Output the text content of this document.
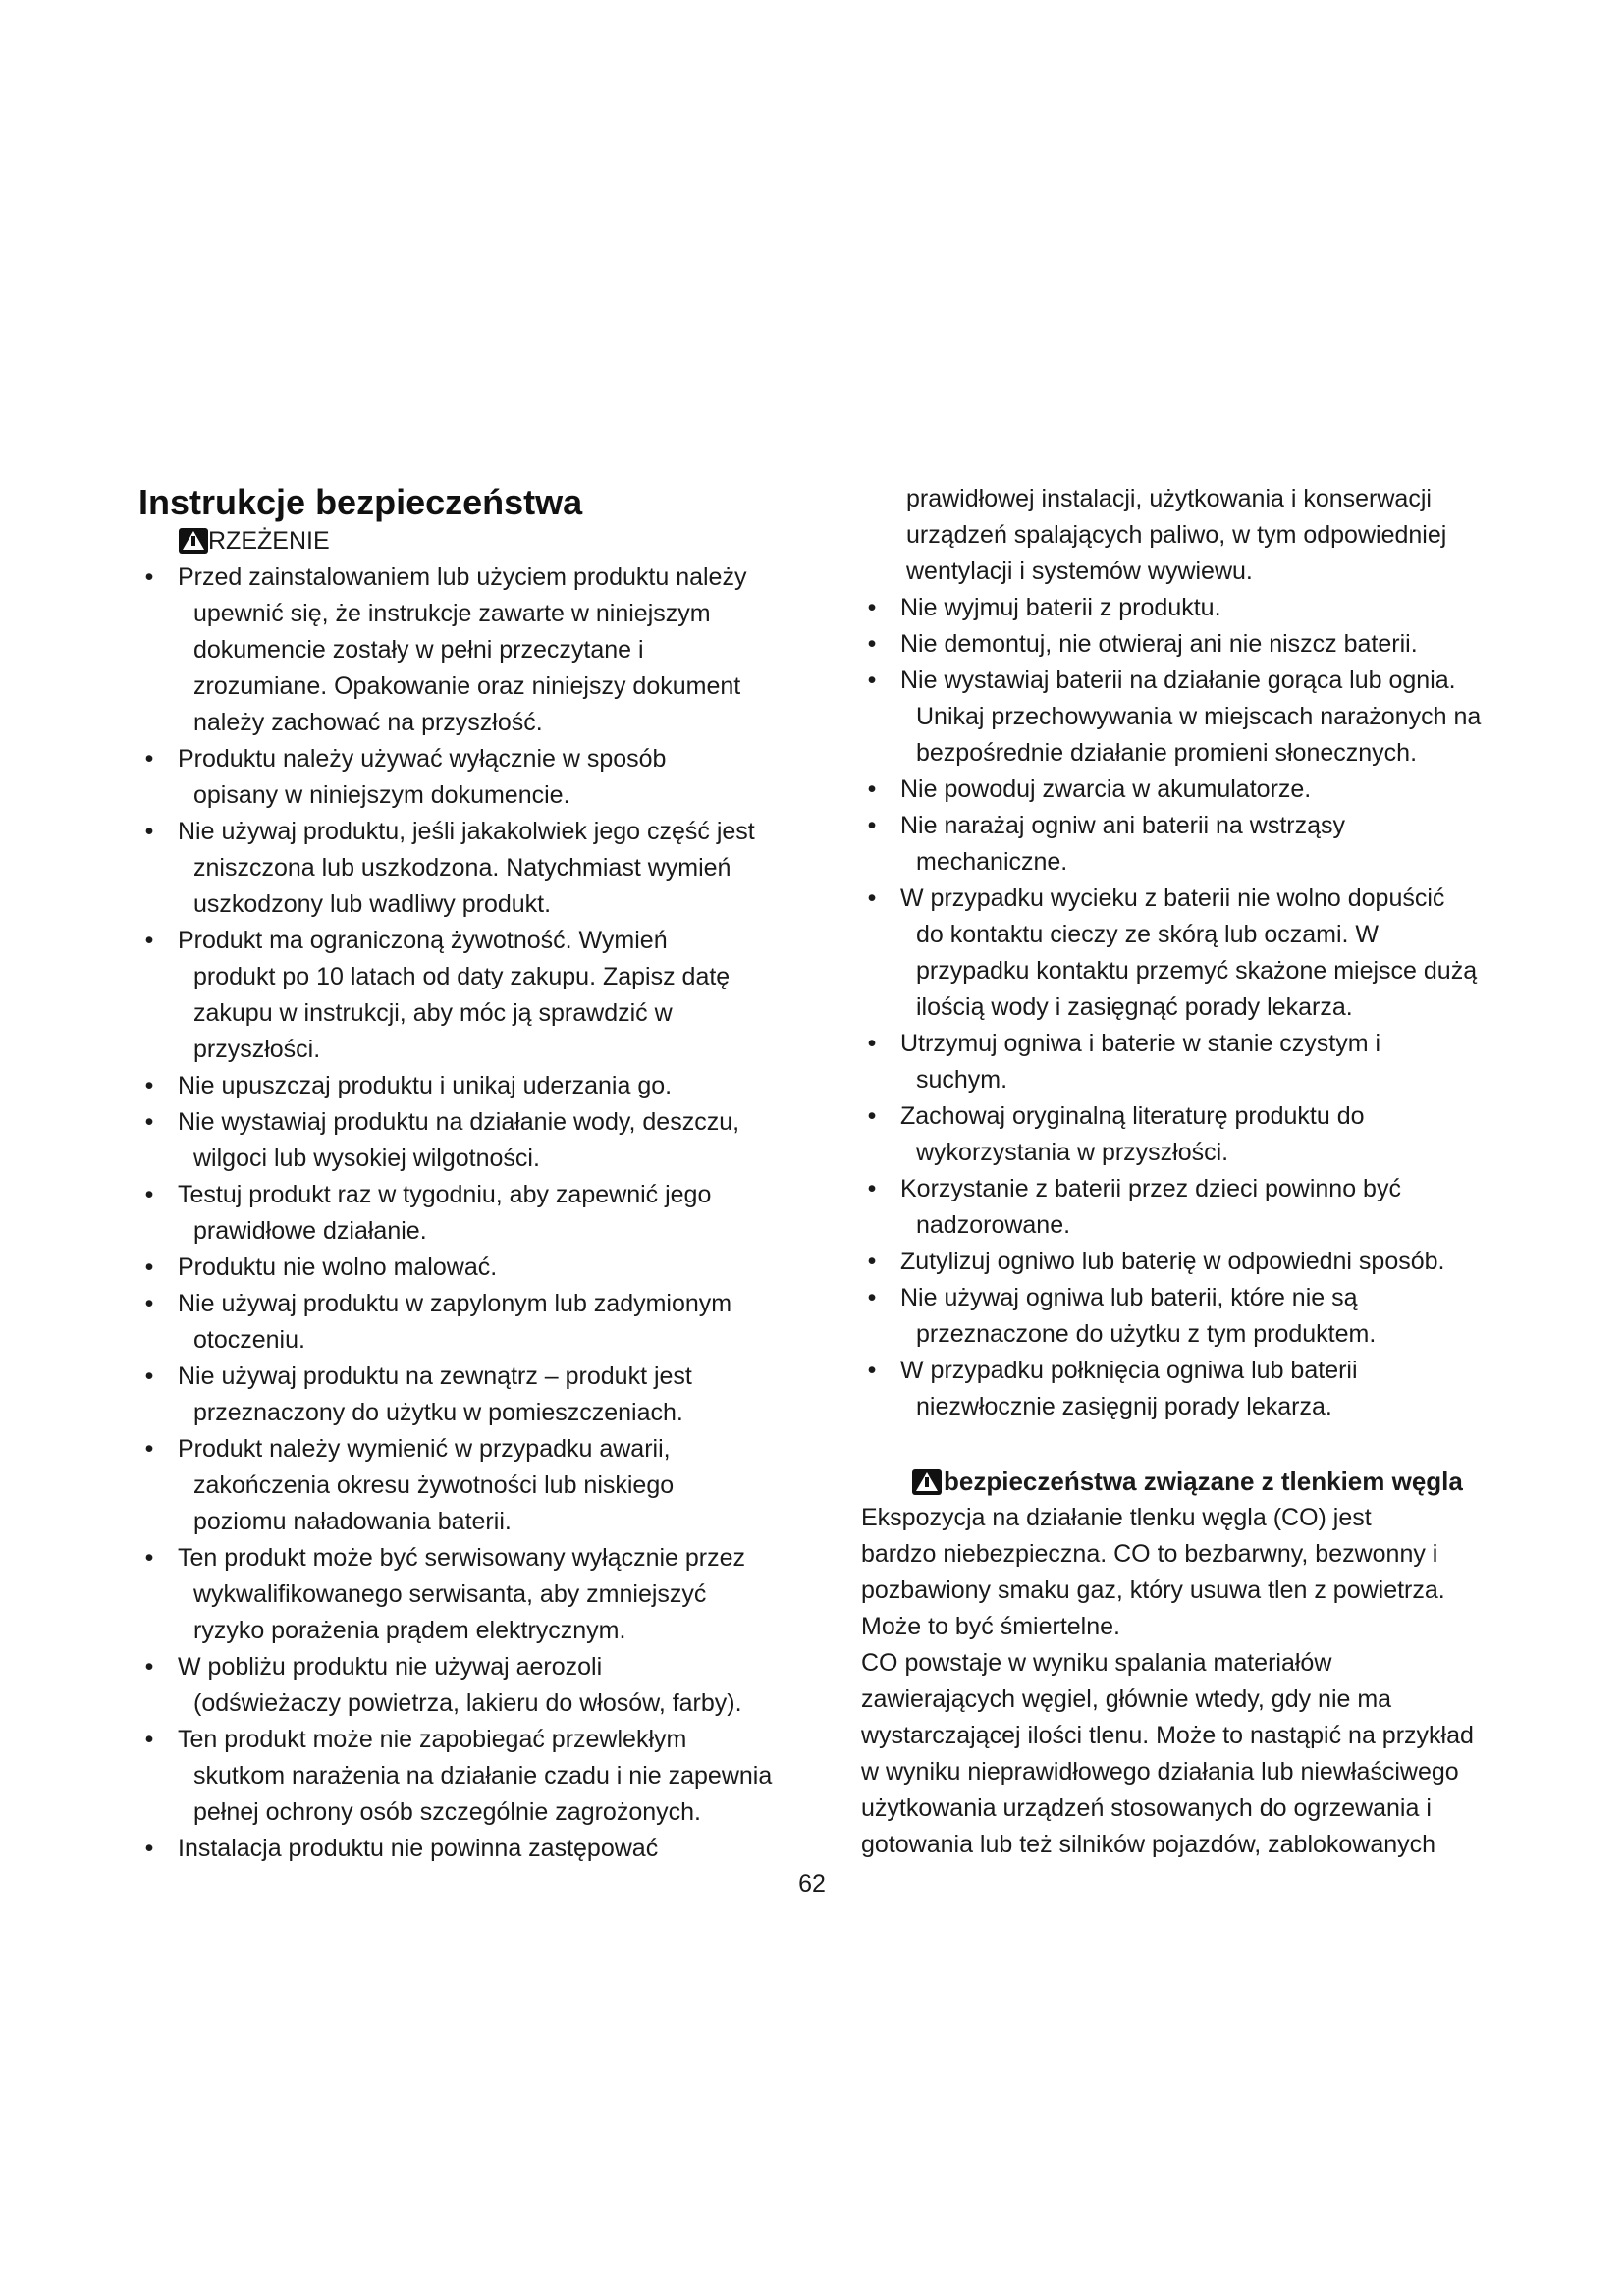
Instrukcje bezpieczeństwa
RZEŻENIE
• Przed zainstalowaniem lub użyciem produktu należy
upewnić się, że instrukcje zawarte w niniejszym
dokumencie zostały w pełni przeczytane i
zrozumiane. Opakowanie oraz niniejszy dokument
należy zachować na przyszłość.
• Produktu należy używać wyłącznie w sposób
opisany w niniejszym dokumencie.
• Nie używaj produktu, jeśli jakakolwiek jego część jest
zniszczona lub uszkodzona. Natychmiast wymień
uszkodzony lub wadliwy produkt.
• Produkt ma ograniczoną żywotność. Wymień
produkt po 10 latach od daty zakupu. Zapisz datę
zakupu w instrukcji, aby móc ją sprawdzić w
przyszłości.
• Nie upuszczaj produktu i unikaj uderzania go.
• Nie wystawiaj produktu na działanie wody, deszczu,
wilgoci lub wysokiej wilgotności.
• Testuj produkt raz w tygodniu, aby zapewnić jego
prawidłowe działanie.
• Produktu nie wolno malować.
• Nie używaj produktu w zapylonym lub zadymionym
otoczeniu.
• Nie używaj produktu na zewnątrz – produkt jest
przeznaczony do użytku w pomieszczeniach.
• Produkt należy wymienić w przypadku awarii,
zakończenia okresu żywotności lub niskiego
poziomu naładowania baterii.
• Ten produkt może być serwisowany wyłącznie przez
wykwalifikowanego serwisanta, aby zmniejszyć
ryzyko porażenia prądem elektrycznym.
• W pobliżu produktu nie używaj aerozoli
(odświeżaczy powietrza, lakieru do włosów, farby).
• Ten produkt może nie zapobiegać przewlekłym
skutkom narażenia na działanie czadu i nie zapewnia
pełnej ochrony osób szczególnie zagrożonych.
• Instalacja produktu nie powinna zastępować
prawidłowej instalacji, użytkowania i konserwacji
urządzeń spalających paliwo, w tym odpowiedniej
wentylacji i systemów wywiewu.
• Nie wyjmuj baterii z produktu.
• Nie demontuj, nie otwieraj ani nie niszcz baterii.
• Nie wystawiaj baterii na działanie gorąca lub ognia.
Unikaj przechowywania w miejscach narażonych na
bezpośrednie działanie promieni słonecznych.
• Nie powoduj zwarcia w akumulatorze.
• Nie narażaj ogniw ani baterii na wstrząsy
mechaniczne.
• W przypadku wycieku z baterii nie wolno dopuścić
do kontaktu cieczy ze skórą lub oczami. W
przypadku kontaktu przemyć skażone miejsce dużą
ilością wody i zasięgnąć porady lekarza.
• Utrzymuj ogniwa i baterie w stanie czystym i
suchym.
• Zachowaj oryginalną literaturę produktu do
wykorzystania w przyszłości.
• Korzystanie z baterii przez dzieci powinno być
nadzorowane.
• Zutylizuj ogniwo lub baterię w odpowiedni sposób.
• Nie używaj ogniwa lub baterii, które nie są
przeznaczone do użytku z tym produktem.
• W przypadku połknięcia ogniwa lub baterii
niezwłocznie zasięgnij porady lekarza.
bezpieczeństwa związane z tlenkiem węgla
Ekspozycja na działanie tlenku węgla (CO) jest
bardzo niebezpieczna. CO to bezbarwny, bezwonny i
pozbawiony smaku gaz, który usuwa tlen z powietrza.
Może to być śmiertelne.
CO powstaje w wyniku spalania materiałów
zawierających węgiel, głównie wtedy, gdy nie ma
wystarczającej ilości tlenu. Może to nastąpić na przykład
w wyniku nieprawidłowego działania lub niewłaściwego
użytkowania urządzeń stosowanych do ogrzewania i
gotowania lub też silników pojazdów, zablokowanych
62
